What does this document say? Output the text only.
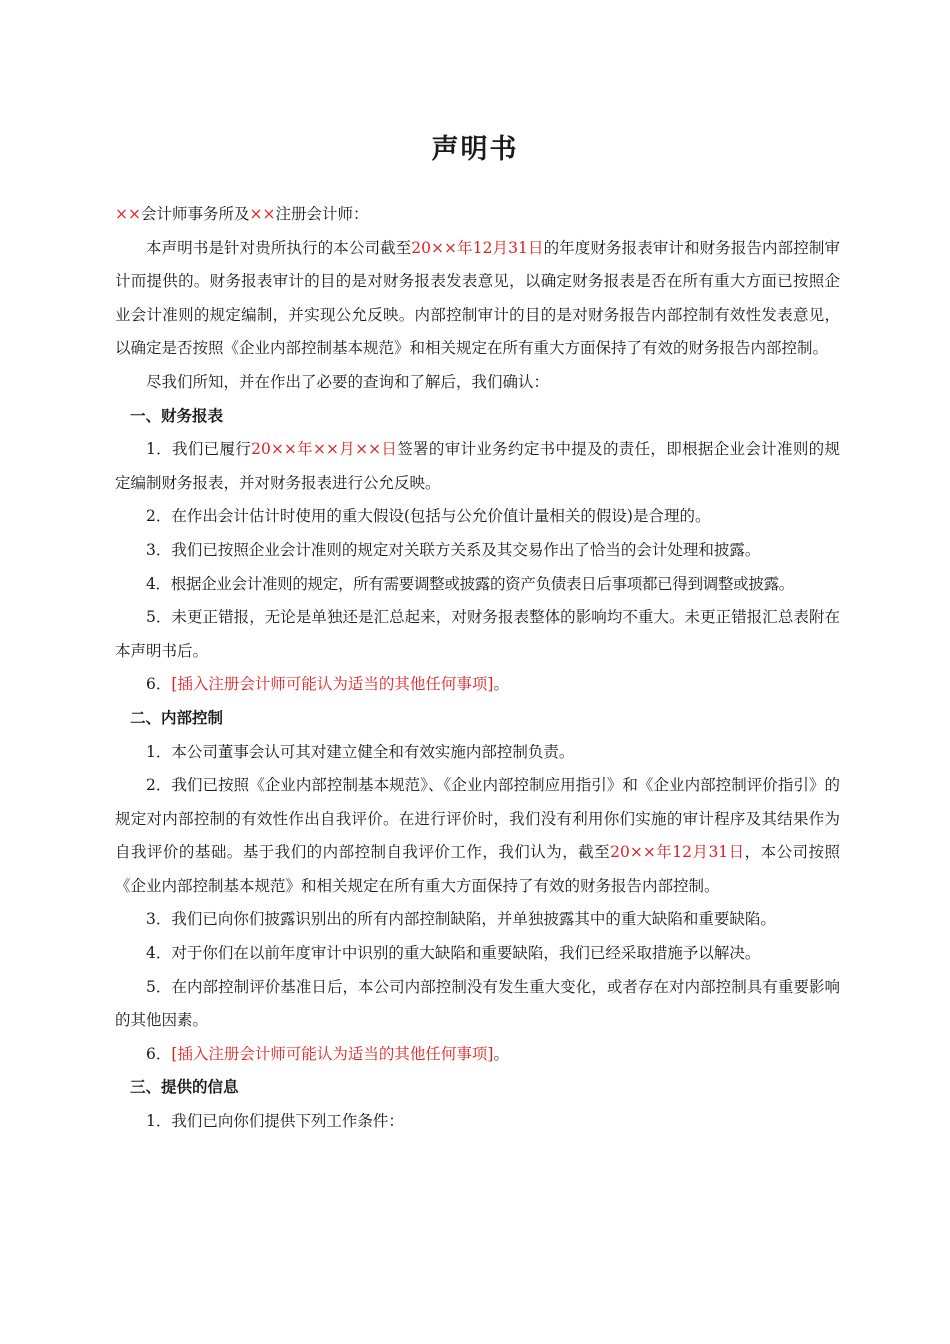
声明书

××会计师事务所及××注册会计师：

本声明书是针对贵所执行的本公司截至20××年12月31日的年度财务报表审计和财务报告内部控制审计而提供的。财务报表审计的目的是对财务报表发表意见，以确定财务报表是否在所有重大方面已按照企业会计准则的规定编制，并实现公允反映。内部控制审计的目的是对财务报告内部控制有效性发表意见，以确定是否按照《企业内部控制基本规范》和相关规定在所有重大方面保持了有效的财务报告内部控制。

尽我们所知，并在作出了必要的查询和了解后，我们确认：

一、财务报表

1．我们已履行20××年××月××日签署的审计业务约定书中提及的责任，即根据企业会计准则的规定编制财务报表，并对财务报表进行公允反映。

2．在作出会计估计时使用的重大假设(包括与公允价值计量相关的假设)是合理的。

3．我们已按照企业会计准则的规定对关联方关系及其交易作出了恰当的会计处理和披露。

4．根据企业会计准则的规定，所有需要调整或披露的资产负债表日后事项都已得到调整或披露。

5．未更正错报，无论是单独还是汇总起来，对财务报表整体的影响均不重大。未更正错报汇总表附在本声明书后。

6．[插入注册会计师可能认为适当的其他任何事项]。

二、内部控制

1．本公司董事会认可其对建立健全和有效实施内部控制负责。

2．我们已按照《企业内部控制基本规范》、《企业内部控制应用指引》和《企业内部控制评价指引》的规定对内部控制的有效性作出自我评价。在进行评价时，我们没有利用你们实施的审计程序及其结果作为自我评价的基础。基于我们的内部控制自我评价工作，我们认为，截至20××年12月31日，本公司按照《企业内部控制基本规范》和相关规定在所有重大方面保持了有效的财务报告内部控制。

3．我们已向你们披露识别出的所有内部控制缺陷，并单独披露其中的重大缺陷和重要缺陷。

4．对于你们在以前年度审计中识别的重大缺陷和重要缺陷，我们已经采取措施予以解决。

5．在内部控制评价基准日后，本公司内部控制没有发生重大变化，或者存在对内部控制具有重要影响的其他因素。

6．[插入注册会计师可能认为适当的其他任何事项]。

三、提供的信息

1．我们已向你们提供下列工作条件：
